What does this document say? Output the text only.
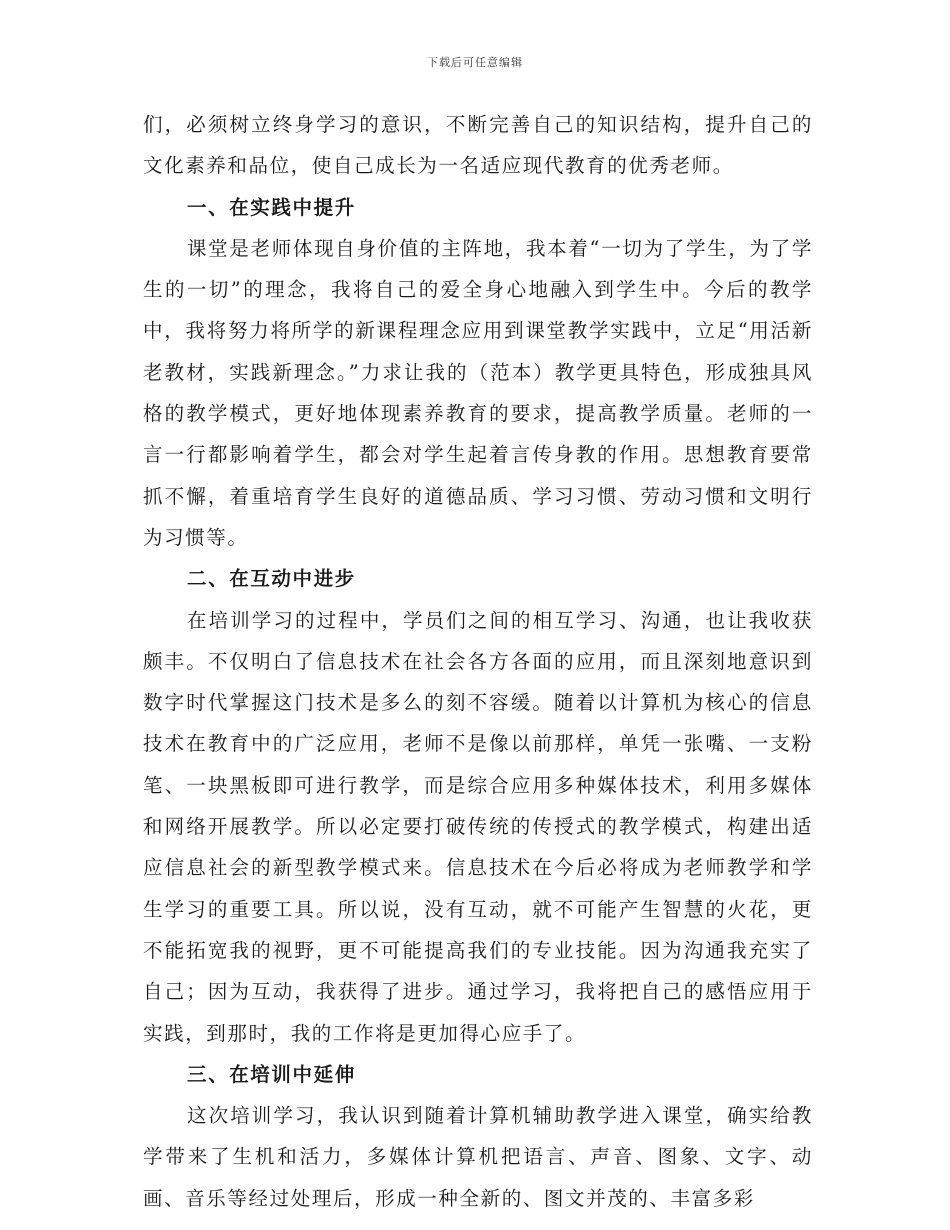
下载后可任意编辑

们，必须树立终身学习的意识，不断完善自己的知识结构，提升自己的文化素养和品位，使自己成长为一名适应现代教育的优秀老师。

一、在实践中提升

课堂是老师体现自身价值的主阵地，我本着“一切为了学生，为了学生的一切”的理念，我将自己的爱全身心地融入到学生中。今后的教学中，我将努力将所学的新课程理念应用到课堂教学实践中，立足“用活新老教材，实践新理念。”力求让我的（范本）教学更具特色，形成独具风格的教学模式，更好地体现素养教育的要求，提高教学质量。老师的一言一行都影响着学生，都会对学生起着言传身教的作用。思想教育要常抓不懈，着重培育学生良好的道德品质、学习习惯、劳动习惯和文明行为习惯等。

二、在互动中进步

在培训学习的过程中，学员们之间的相互学习、沟通，也让我收获颇丰。不仅明白了信息技术在社会各方各面的应用，而且深刻地意识到数字时代掌握这门技术是多么的刻不容缓。随着以计算机为核心的信息技术在教育中的广泛应用，老师不是像以前那样，单凭一张嘴、一支粉笔、一块黑板即可进行教学，而是综合应用多种媒体技术，利用多媒体和网络开展教学。所以必定要打破传统的传授式的教学模式，构建出适应信息社会的新型教学模式来。信息技术在今后必将成为老师教学和学生学习的重要工具。所以说，没有互动，就不可能产生智慧的火花，更不能拓宽我的视野，更不可能提高我们的专业技能。因为沟通我充实了自己；因为互动，我获得了进步。通过学习，我将把自己的感悟应用于实践，到那时，我的工作将是更加得心应手了。

三、在培训中延伸

这次培训学习，我认识到随着计算机辅助教学进入课堂，确实给教学带来了生机和活力，多媒体计算机把语言、声音、图象、文字、动画、音乐等经过处理后，形成一种全新的、图文并茂的、丰富多彩
